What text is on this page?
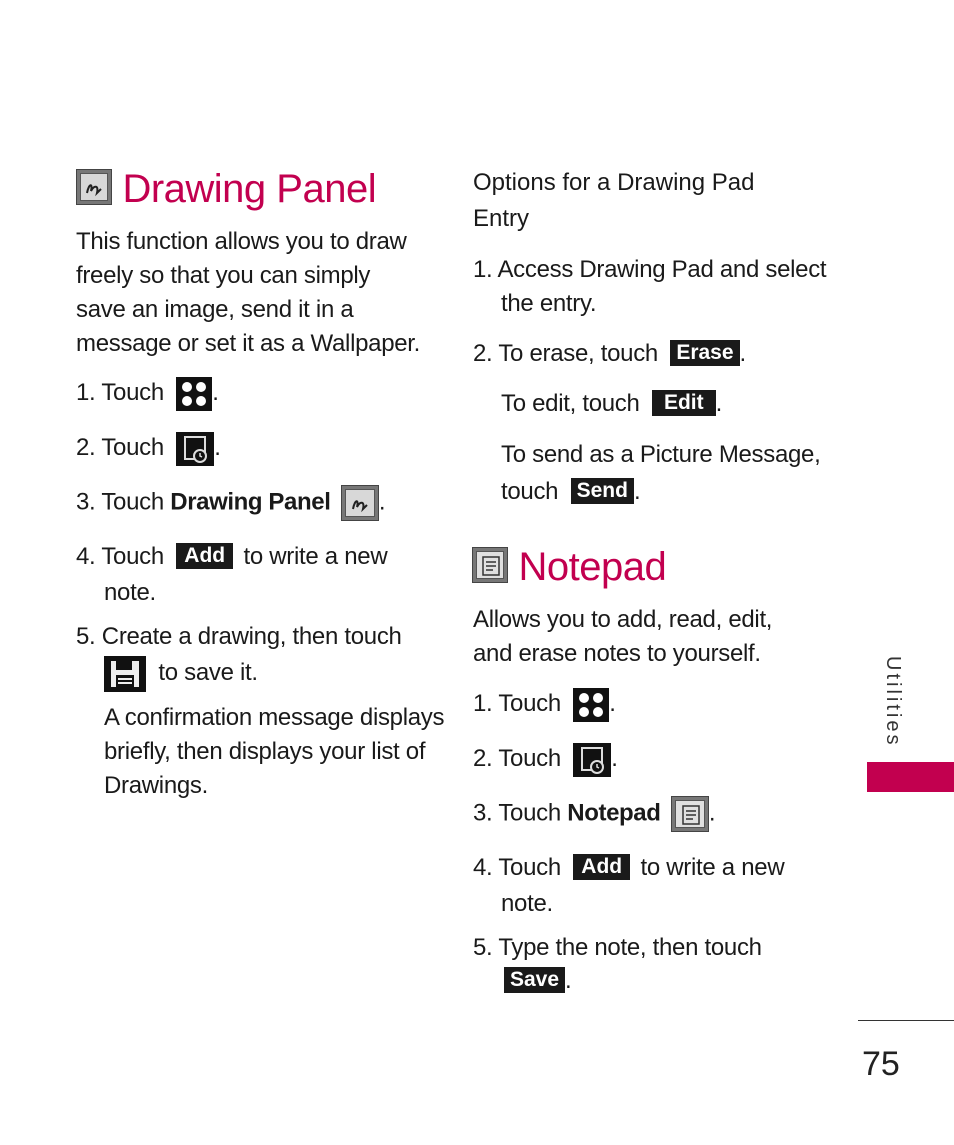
Drawing Panel
This function allows you to draw
freely so that you can simply
save an image, send it in a
message or set it as a Wallpaper.
1. Touch .
2. Touch .
3. Touch Drawing Panel .
4. Touch Add to write a new
note.
5. Create a drawing, then touch
to save it.
A confirmation message displays
briefly, then displays your list of
Drawings.
Options for a Drawing Pad
Entry
1. Access Drawing Pad and select
the entry.
2. To erase, touch Erase .
To edit, touch Edit .
To send as a Picture Message,
touch Send .
Notepad
Allows you to add, read, edit,
and erase notes to yourself.
1. Touch .
2. Touch .
3. Touch Notepad .
4. Touch Add to write a new
note.
5. Type the note, then touch
Save .
Utilities
75
